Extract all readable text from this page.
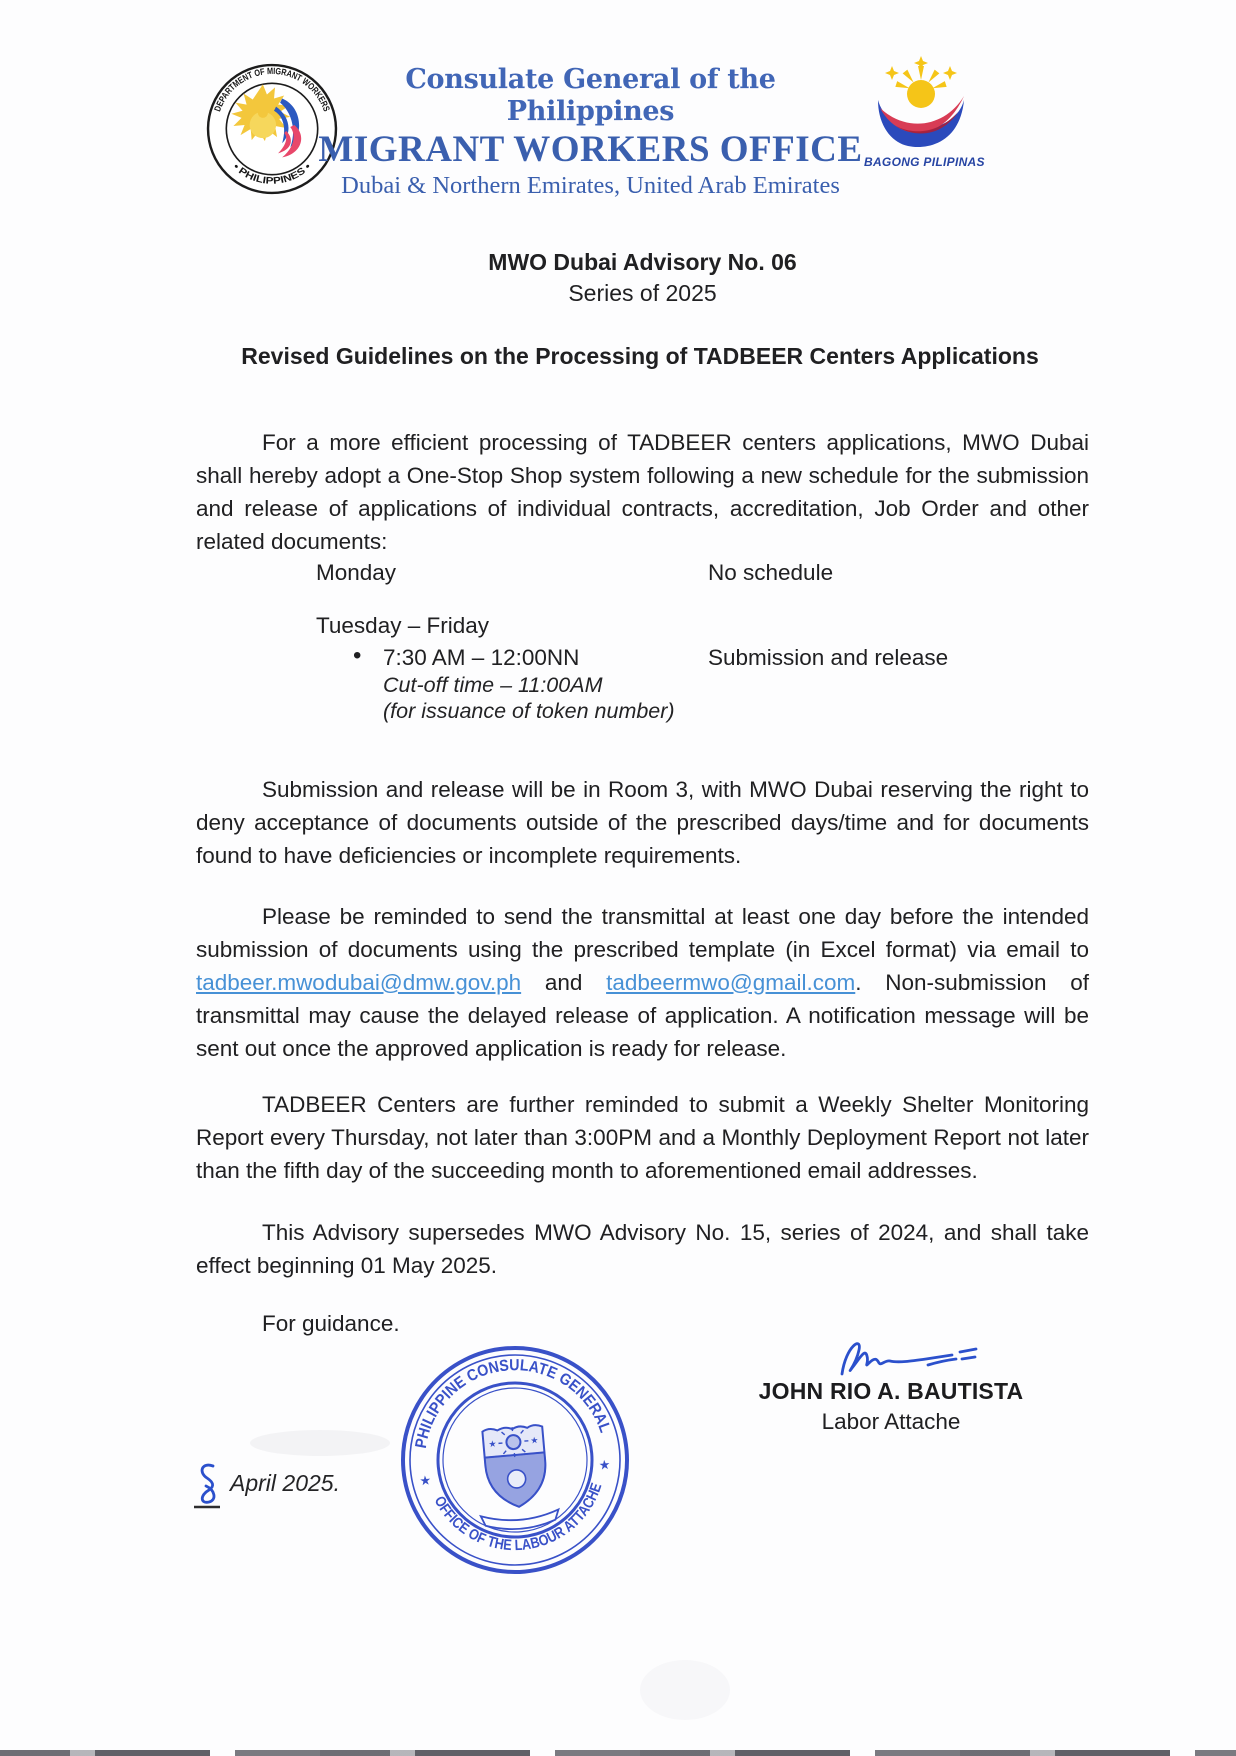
DEPARTMENT OF MIGRANT WORKERS
• PHILIPPINES •
Consulate General of the Philippines
MIGRANT WORKERS OFFICE
Dubai & Northern Emirates, United Arab Emirates
BAGONG PILIPINAS
MWO Dubai Advisory No. 06
Series of 2025
Revised Guidelines on the Processing of TADBEER Centers Applications

For a more efficient processing of TADBEER centers applications, MWO Dubai shall hereby adopt a One-Stop Shop system following a new schedule for the submission and release of applications of individual contracts, accreditation, Job Order and other related documents:

Monday	No schedule
Tuesday – Friday
• 7:30 AM – 12:00NN	Submission and release
Cut-off time – 11:00AM
(for issuance of token number)

Submission and release will be in Room 3, with MWO Dubai reserving the right to deny acceptance of documents outside of the prescribed days/time and for documents found to have deficiencies or incomplete requirements.

Please be reminded to send the transmittal at least one day before the intended submission of documents using the prescribed template (in Excel format) via email to tadbeer.mwodubai@dmw.gov.ph and tadbeermwo@gmail.com. Non-submission of transmittal may cause the delayed release of application. A notification message will be sent out once the approved application is ready for release.

TADBEER Centers are further reminded to submit a Weekly Shelter Monitoring Report every Thursday, not later than 3:00PM and a Monthly Deployment Report not later than the fifth day of the succeeding month to aforementioned email addresses.

This Advisory supersedes MWO Advisory No. 15, series of 2024, and shall take effect beginning 01 May 2025.

For guidance.

JOHN RIO A. BAUTISTA
Labor Attache
PHILIPPINE CONSULATE GENERAL
OFFICE OF THE LABOUR ATTACHE
★
★
★	★
April 2025.
